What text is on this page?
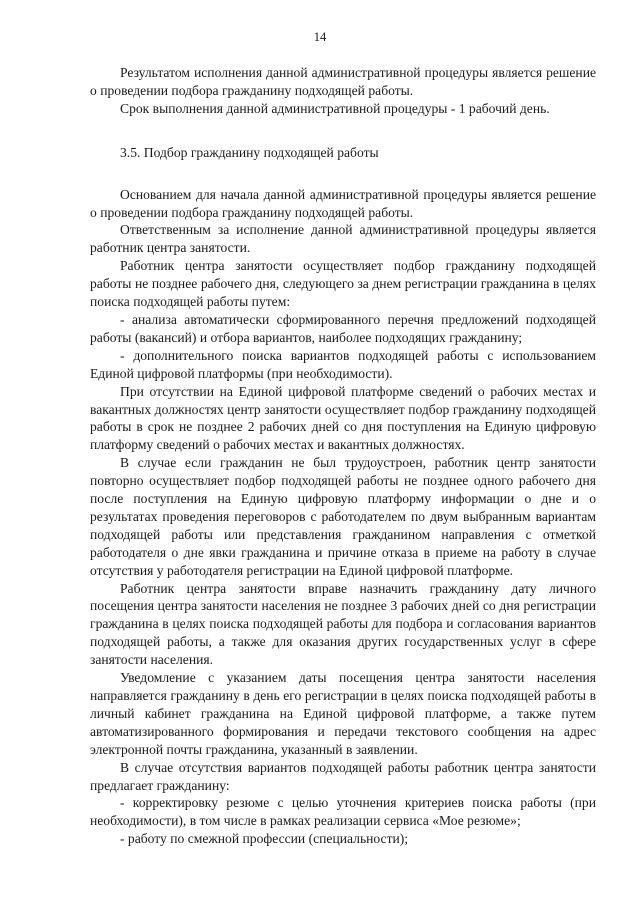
14

Результатом исполнения данной административной процедуры является решение о проведении подбора гражданину подходящей работы.

Срок выполнения данной административной процедуры - 1 рабочий день.

3.5. Подбор гражданину подходящей работы

Основанием для начала данной административной процедуры является решение о проведении подбора гражданину подходящей работы.

Ответственным за исполнение данной административной процедуры является работник центра занятости.

Работник центра занятости осуществляет подбор гражданину подходящей работы не позднее рабочего дня, следующего за днем регистрации гражданина в целях поиска подходящей работы путем:

- анализа автоматически сформированного перечня предложений подходящей работы (вакансий) и отбора вариантов, наиболее подходящих гражданину;

- дополнительного поиска вариантов подходящей работы с использованием Единой цифровой платформы (при необходимости).

При отсутствии на Единой цифровой платформе сведений о рабочих местах и вакантных должностях центр занятости осуществляет подбор гражданину подходящей работы в срок не позднее 2 рабочих дней со дня поступления на Единую цифровую платформу сведений о рабочих местах и вакантных должностях.

В случае если гражданин не был трудоустроен, работник центр занятости повторно осуществляет подбор подходящей работы не позднее одного рабочего дня после поступления на Единую цифровую платформу информации о дне и о результатах проведения переговоров с работодателем по двум выбранным вариантам подходящей работы или представления гражданином направления с отметкой работодателя о дне явки гражданина и причине отказа в приеме на работу в случае отсутствия у работодателя регистрации на Единой цифровой платформе.

Работник центра занятости вправе назначить гражданину дату личного посещения центра занятости населения не позднее 3 рабочих дней со дня регистрации гражданина в целях поиска подходящей работы для подбора и согласования вариантов подходящей работы, а также для оказания других государственных услуг в сфере занятости населения.

Уведомление с указанием даты посещения центра занятости населения направляется гражданину в день его регистрации в целях поиска подходящей работы в личный кабинет гражданина на Единой цифровой платформе, а также путем автоматизированного формирования и передачи текстового сообщения на адрес электронной почты гражданина, указанный в заявлении.

В случае отсутствия вариантов подходящей работы работник центра занятости предлагает гражданину:

- корректировку резюме с целью уточнения критериев поиска работы (при необходимости), в том числе в рамках реализации сервиса «Мое резюме»;

- работу по смежной профессии (специальности);
